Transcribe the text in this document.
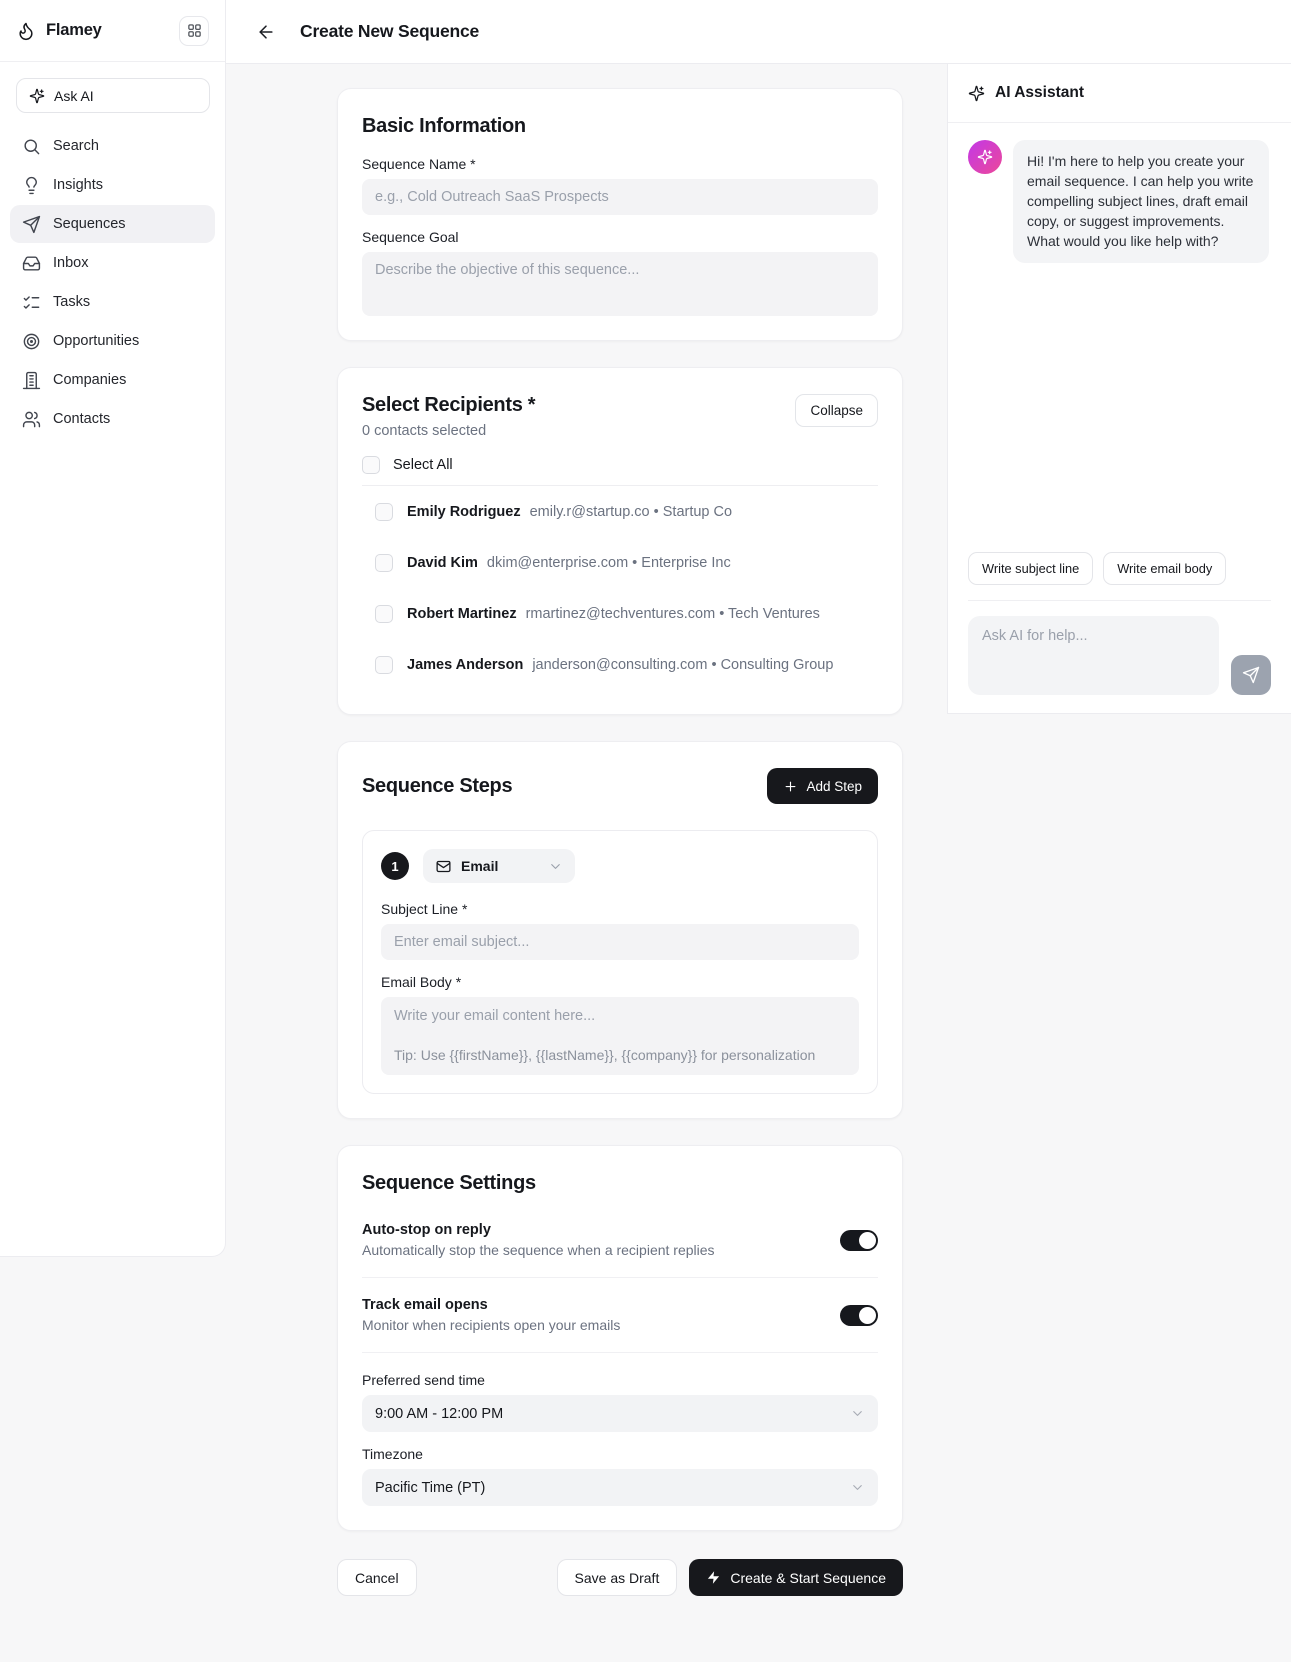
Flamey
Ask AI
Search
Insights
Sequences
Inbox
Tasks
Opportunities
Companies
Contacts
Create New Sequence
Basic Information
Sequence Name *
e.g., Cold Outreach SaaS Prospects
Sequence Goal
Describe the objective of this sequence...
Select Recipients *
0 contacts selected
Collapse
Select All
Emily Rodriguez emily.r@startup.co • Startup Co
David Kim dkim@enterprise.com • Enterprise Inc
Robert Martinez rmartinez@techventures.com • Tech Ventures
James Anderson janderson@consulting.com • Consulting Group
Sequence Steps	Add Step
1	Email
Subject Line *
Enter email subject...
Email Body *
Write your email content here...
Tip: Use {{firstName}}, {{lastName}}, {{company}} for personalization
Sequence Settings
Auto-stop on reply
Automatically stop the sequence when a recipient replies
Track email opens
Monitor when recipients open your emails
Preferred send time
9:00 AM - 12:00 PM
Timezone
Pacific Time (PT)
Cancel	Save as Draft	Create & Start Sequence
AI Assistant
Hi! I'm here to help you create your email sequence. I can help you write compelling subject lines, draft email copy, or suggest improvements. What would you like help with?
Write subject line	Write email body
Ask AI for help...
